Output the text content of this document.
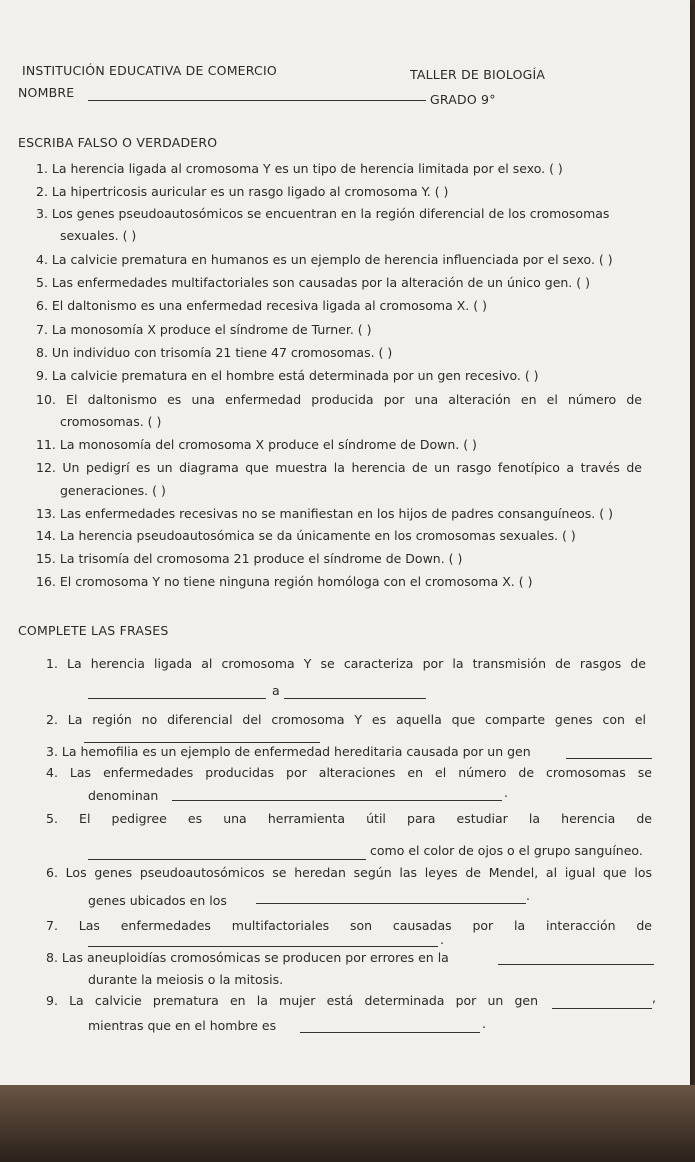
INSTITUCIÓN EDUCATIVA DE COMERCIO	TALLER DE BIOLOGÍA
NOMBRE	GRADO 9°
ESCRIBA FALSO O VERDADERO
1. La herencia ligada al cromosoma Y es un tipo de herencia limitada por el sexo. ( )
2. La hipertricosis auricular es un rasgo ligado al cromosoma Y. ( )
3. Los genes pseudoautosómicos se encuentran en la región diferencial de los cromosomas
sexuales. ( )
4. La calvicie prematura en humanos es un ejemplo de herencia influenciada por el sexo. ( )
5. Las enfermedades multifactoriales son causadas por la alteración de un único gen. ( )
6. El daltonismo es una enfermedad recesiva ligada al cromosoma X. ( )
7. La monosomía X produce el síndrome de Turner. ( )
8. Un individuo con trisomía 21 tiene 47 cromosomas. ( )
9. La calvicie prematura en el hombre está determinada por un gen recesivo. ( )
10. El daltonismo es una enfermedad producida por una alteración en el número de
cromosomas. ( )
11. La monosomía del cromosoma X produce el síndrome de Down. ( )
12. Un pedigrí es un diagrama que muestra la herencia de un rasgo fenotípico a través de
generaciones. ( )
13. Las enfermedades recesivas no se manifiestan en los hijos de padres consanguíneos. ( )
14. La herencia pseudoautosómica se da únicamente en los cromosomas sexuales. ( )
15. La trisomía del cromosoma 21 produce el síndrome de Down. ( )
16. El cromosoma Y no tiene ninguna región homóloga con el cromosoma X. ( )
COMPLETE LAS FRASES
1. La herencia ligada al cromosoma Y se caracteriza por la transmisión de rasgos de
a
2. La región no diferencial del cromosoma Y es aquella que comparte genes con el
3. La hemofilia es un ejemplo de enfermedad hereditaria causada por un gen
4. Las enfermedades producidas por alteraciones en el número de cromosomas se
denominan	.
5. El pedigree es una herramienta útil para estudiar la herencia de
como el color de ojos o el grupo sanguíneo.
6. Los genes pseudoautosómicos se heredan según las leyes de Mendel, al igual que los
genes ubicados en los	.
7. Las enfermedades multifactoriales son causadas por la interacción de
.
8. Las aneuploidías cromosómicas se producen por errores en la
durante la meiosis o la mitosis.
9. La calvicie prematura en la mujer está determinada por un gen	,
mientras que en el hombre es	.
